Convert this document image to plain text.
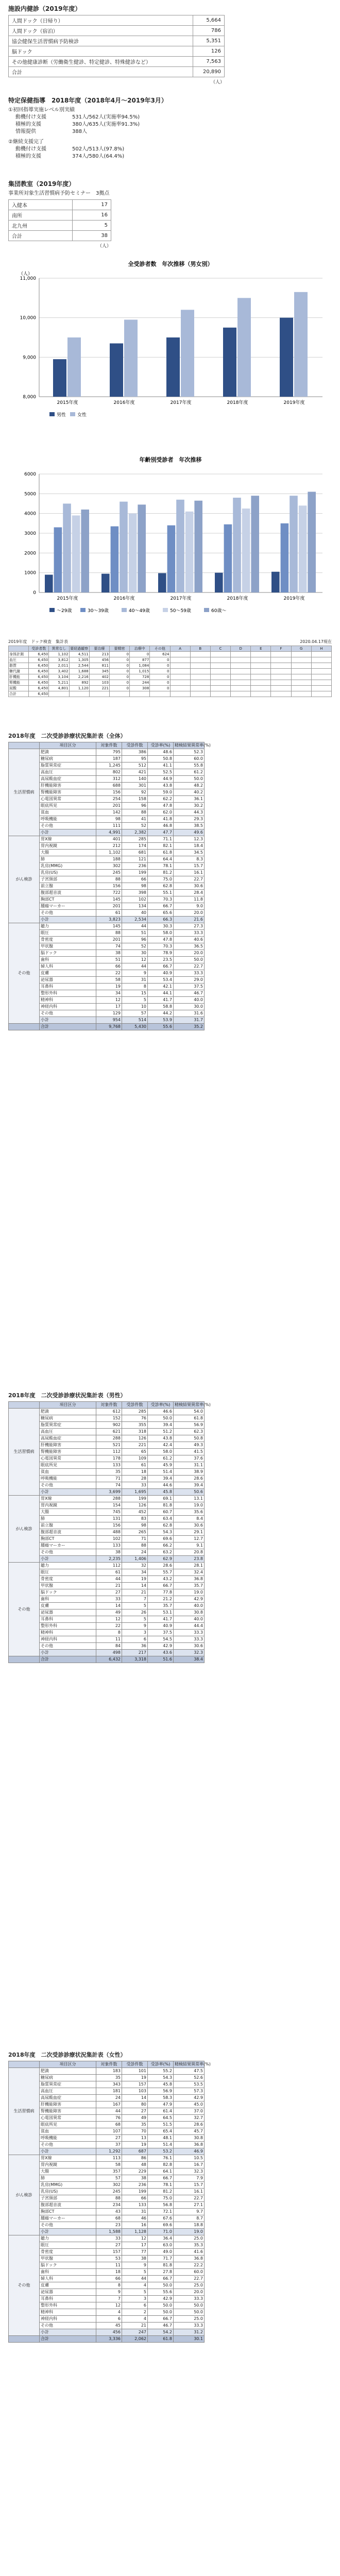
施設内健診（2019年度）
人間ドック（日帰り）	5,664
人間ドック（宿泊）	786
協会健保生活習慣病予防検診	5,351
脳ドック	126
その他健康診断（労働衛生健診、特定健診、特殊健診など）	7,563
合計	20,890
（人）
特定保健指導　2018年度（2018年4月～2019年3月）
①初回指導実施レベル別実績
動機付け支援	531人/562人(実施率94.5%)
積極的支援	380人/635人(実施率91.3%)
情報提供	388人
②継続支援完了
動機付け支援	502人/513人(97.8%)
積極的支援	374人/580人(64.4%)
集団教室（2019年度）
事業所対象生活習慣病予防セミナー　3拠点
入健本	17
南所	16
北九州	5
合計	38
（人）
全受診者数　年次推移（男女別）
（人）
11,000
10,000
9,000
8,000
2015年度	2016年度	2017年度	2018年度	2019年度
男性 女性
年齢別受診者　年次推移
6000
5000
4000
3000
2000
1000
0
2015年度	2016年度	2017年度	2018年度	2019年度
〜29歳	30〜39歳	40〜49歳	50〜59歳	60歳〜
2019年度　ドック検査　集計表	2020.04.17現在
	受診者数	異常なし	要経過観察	要治療	要精密	治療中	その他	A	B	C	D	E	F	G	H
身体計測	6,450	1,102	4,511	213	0	0	624								
血圧	6,450	3,812	1,305	456	0	877	0								
脂質	6,450	2,011	2,544	811	0	1,084	0								
糖代謝	6,450	3,402	1,688	345	0	1,015	0								
肝機能	6,450	3,104	2,216	402	0	728	0								
腎機能	6,450	5,211	892	103	0	244	0								
尿酸	6,450	4,801	1,120	221	0	308	0								
合計	6,450														
2018年度　二次受診診療状況集計表（全体）
	項目区分	対象件数	受診件数	受診率(%)	精検結果異常率(%)
生活習慣病	肥満	795	386	48.6	52.3
	糖尿病	187	95	50.8	60.0
	脂質異常症	1,245	512	41.1	55.8
	高血圧	802	421	52.5	61.2
	高尿酸血症	312	140	44.9	50.0
	肝機能障害	688	301	43.8	48.2
	腎機能障害	156	92	59.0	40.2
	心電図異常	254	158	62.2	36.1
	眼底所見	201	96	47.8	30.2
	貧血	142	88	62.0	44.3
	呼吸機能	98	41	41.8	29.3
	その他	111	52	46.8	38.5
	小計	4,991	2,382	47.7	49.6
がん検診	胃X線	401	285	71.1	12.3
	胃内視鏡	212	174	82.1	18.4
	大腸	1,102	681	61.8	34.5
	肺	188	121	64.4	8.3
	乳房(MMG)	302	236	78.1	15.7
	乳房(US)	245	199	81.2	16.1
	子宮頸部	88	66	75.0	22.7
	前立腺	156	98	62.8	30.6
	腹部超音波	722	398	55.1	28.4
	胸部CT	145	102	70.3	11.8
	腫瘍マーカー	201	134	66.7	9.0
	その他	61	40	65.6	20.0
	小計	3,823	2,534	66.3	21.6
その他	聴力	145	44	30.3	27.3
	眼圧	88	51	58.0	33.3
	骨密度	201	96	47.8	40.6
	甲状腺	74	52	70.3	36.5
	脳ドック	38	30	78.9	20.0
	歯科	51	12	23.5	50.0
	婦人科	66	44	66.7	22.7
	皮膚	22	9	40.9	33.3
	泌尿器	58	31	53.4	29.0
	耳鼻科	19	8	42.1	37.5
	整形外科	34	15	44.1	46.7
	精神科	12	5	41.7	40.0
	神経内科	17	10	58.8	30.0
	その他	129	57	44.2	31.6
	小計	954	514	53.9	31.7
	合計	9,768	5,430	55.6	35.2
2018年度　二次受診診療状況集計表（男性）
	項目区分	対象件数	受診件数	受診率(%)	精検結果異常率(%)
生活習慣病	肥満	612	285	46.6	54.0
	糖尿病	152	76	50.0	61.8
	脂質異常症	902	355	39.4	56.9
	高血圧	621	318	51.2	62.3
	高尿酸血症	288	126	43.8	50.8
	肝機能障害	521	221	42.4	49.3
	腎機能障害	112	65	58.0	41.5
	心電図異常	178	109	61.2	37.6
	眼底所見	133	61	45.9	31.1
	貧血	35	18	51.4	38.9
	呼吸機能	71	28	39.4	28.6
	その他	74	33	44.6	39.4
	小計	3,699	1,695	45.8	50.6
がん検診	胃X線	288	199	69.1	13.1
	胃内視鏡	154	126	81.8	19.0
	大腸	745	452	60.7	35.6
	肺	131	83	63.4	8.4
	前立腺	156	98	62.8	30.6
	腹部超音波	488	265	54.3	29.1
	胸部CT	102	71	69.6	12.7
	腫瘍マーカー	133	88	66.2	9.1
	その他	38	24	63.2	20.8
	小計	2,235	1,406	62.9	23.8
その他	聴力	112	32	28.6	28.1
	眼圧	61	34	55.7	32.4
	骨密度	44	19	43.2	36.8
	甲状腺	21	14	66.7	35.7
	脳ドック	27	21	77.8	19.0
	歯科	33	7	21.2	42.9
	皮膚	14	5	35.7	40.0
	泌尿器	49	26	53.1	30.8
	耳鼻科	12	5	41.7	40.0
	整形外科	22	9	40.9	44.4
	精神科	8	3	37.5	33.3
	神経内科	11	6	54.5	33.3
	その他	84	36	42.9	30.6
	小計	498	217	43.6	32.3
	合計	6,432	3,318	51.6	38.4
2018年度　二次受診診療状況集計表（女性）
	項目区分	対象件数	受診件数	受診率(%)	精検結果異常率(%)
生活習慣病	肥満	183	101	55.2	47.5
	糖尿病	35	19	54.3	52.6
	脂質異常症	343	157	45.8	53.5
	高血圧	181	103	56.9	57.3
	高尿酸血症	24	14	58.3	42.9
	肝機能障害	167	80	47.9	45.0
	腎機能障害	44	27	61.4	37.0
	心電図異常	76	49	64.5	32.7
	眼底所見	68	35	51.5	28.6
	貧血	107	70	65.4	45.7
	呼吸機能	27	13	48.1	30.8
	その他	37	19	51.4	36.8
	小計	1,292	687	53.2	46.9
がん検診	胃X線	113	86	76.1	10.5
	胃内視鏡	58	48	82.8	16.7
	大腸	357	229	64.1	32.3
	肺	57	38	66.7	7.9
	乳房(MMG)	302	236	78.1	15.7
	乳房(US)	245	199	81.2	16.1
	子宮頸部	88	66	75.0	22.7
	腹部超音波	234	133	56.8	27.1
	胸部CT	43	31	72.1	9.7
	腫瘍マーカー	68	46	67.6	8.7
	その他	23	16	69.6	18.8
	小計	1,588	1,128	71.0	19.0
その他	聴力	33	12	36.4	25.0
	眼圧	27	17	63.0	35.3
	骨密度	157	77	49.0	41.6
	甲状腺	53	38	71.7	36.8
	脳ドック	11	9	81.8	22.2
	歯科	18	5	27.8	60.0
	婦人科	66	44	66.7	22.7
	皮膚	8	4	50.0	25.0
	泌尿器	9	5	55.6	20.0
	耳鼻科	7	3	42.9	33.3
	整形外科	12	6	50.0	50.0
	精神科	4	2	50.0	50.0
	神経内科	6	4	66.7	25.0
	その他	45	21	46.7	33.3
	小計	456	247	54.2	31.2
	合計	3,336	2,062	61.8	30.1
